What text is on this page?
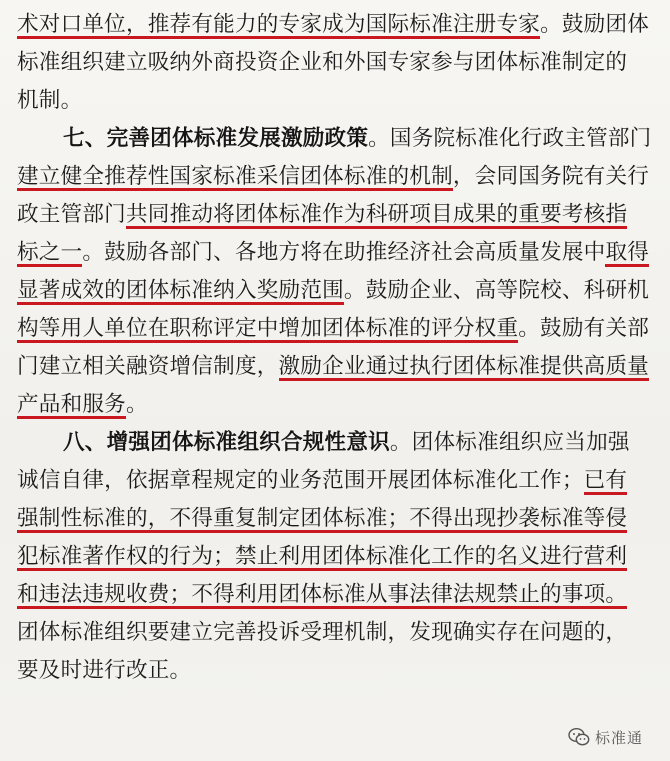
术对口单位，推荐有能力的专家成为国际标准注册专家。鼓励团体
标准组织建立吸纳外商投资企业和外国专家参与团体标准制定的
机制。
七、完善团体标准发展激励政策。国务院标准化行政主管部门
建立健全推荐性国家标准采信团体标准的机制，会同国务院有关行
政主管部门共同推动将团体标准作为科研项目成果的重要考核指
标之一。鼓励各部门、各地方将在助推经济社会高质量发展中取得
显著成效的团体标准纳入奖励范围。鼓励企业、高等院校、科研机
构等用人单位在职称评定中增加团体标准的评分权重。鼓励有关部
门建立相关融资增信制度，激励企业通过执行团体标准提供高质量
产品和服务。
八、增强团体标准组织合规性意识。团体标准组织应当加强
诚信自律，依据章程规定的业务范围开展团体标准化工作；已有
强制性标准的，不得重复制定团体标准；不得出现抄袭标准等侵
犯标准著作权的行为；禁止利用团体标准化工作的名义进行营利
和违法违规收费；不得利用团体标准从事法律法规禁止的事项。
团体标准组织要建立完善投诉受理机制，发现确实存在问题的，
要及时进行改正。
标准通
